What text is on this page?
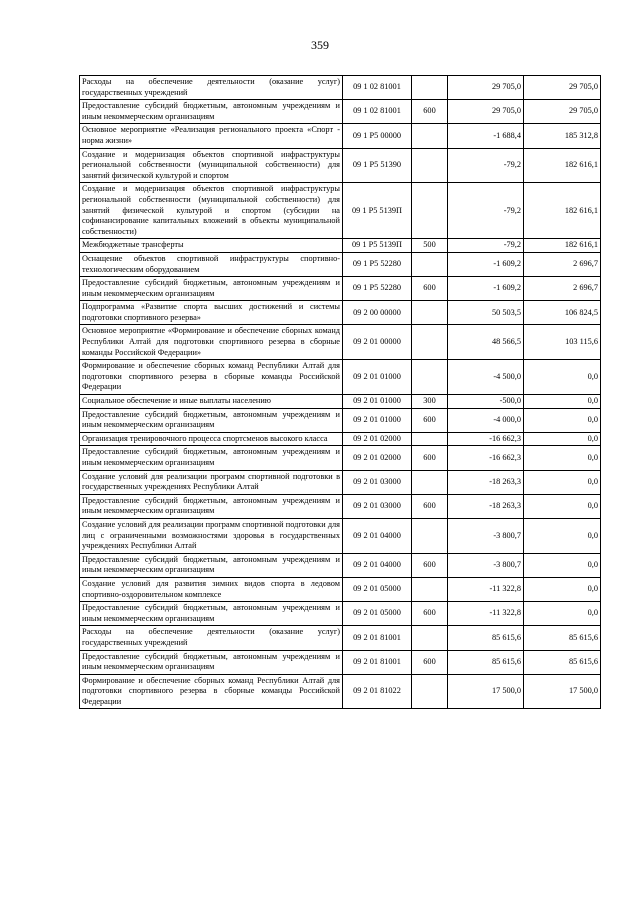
359
Расходы на обеспечение деятельности (оказание услуг) государственных учреждений	09 1 02 81001		29 705,0	29 705,0
Предоставление субсидий бюджетным, автономным учреждениям и иным некоммерческим организациям	09 1 02 81001	600	29 705,0	29 705,0
Основное мероприятие «Реализация регионального проекта «Спорт - норма жизни»	09 1 P5 00000		-1 688,4	185 312,8
Создание и модернизация объектов спортивной инфраструктуры региональной собственности (муниципальной собственности) для занятий физической культурой и спортом	09 1 P5 51390		-79,2	182 616,1
Создание и модернизация объектов спортивной инфраструктуры региональной собственности (муниципальной собственности) для занятий физической культурой и спортом (субсидии на софинансирование капитальных вложений в объекты муниципальной собственности)	09 1 P5 5139П		-79,2	182 616,1
Межбюджетные трансферты	09 1 P5 5139П	500	-79,2	182 616,1
Оснащение объектов спортивной инфраструктуры спортивно-технологическим оборудованием	09 1 P5 52280		-1 609,2	2 696,7
Предоставление субсидий бюджетным, автономным учреждениям и иным некоммерческим организациям	09 1 P5 52280	600	-1 609,2	2 696,7
Подпрограмма «Развитие спорта высших достижений и системы подготовки спортивного резерва»	09 2 00 00000		50 503,5	106 824,5
Основное мероприятие «Формирование и обеспечение сборных команд Республики Алтай для подготовки спортивного резерва в сборные команды Российской Федерации»	09 2 01 00000		48 566,5	103 115,6
Формирование и обеспечение сборных команд Республики Алтай для подготовки спортивного резерва в сборные команды Российской Федерации	09 2 01 01000		-4 500,0	0,0
Социальное обеспечение и иные выплаты населению	09 2 01 01000	300	-500,0	0,0
Предоставление субсидий бюджетным, автономным учреждениям и иным некоммерческим организациям	09 2 01 01000	600	-4 000,0	0,0
Организация тренировочного процесса спортсменов высокого класса	09 2 01 02000		-16 662,3	0,0
Предоставление субсидий бюджетным, автономным учреждениям и иным некоммерческим организациям	09 2 01 02000	600	-16 662,3	0,0
Создание условий для реализации программ спортивной подготовки в государственных учреждениях Республики Алтай	09 2 01 03000		-18 263,3	0,0
Предоставление субсидий бюджетным, автономным учреждениям и иным некоммерческим организациям	09 2 01 03000	600	-18 263,3	0,0
Создание условий для реализации программ спортивной подготовки для лиц с ограниченными возможностями здоровья в государственных учреждениях Республики Алтай	09 2 01 04000		-3 800,7	0,0
Предоставление субсидий бюджетным, автономным учреждениям и иным некоммерческим организациям	09 2 01 04000	600	-3 800,7	0,0
Создание условий для развития зимних видов спорта в ледовом спортивно-оздоровительном комплексе	09 2 01 05000		-11 322,8	0,0
Предоставление субсидий бюджетным, автономным учреждениям и иным некоммерческим организациям	09 2 01 05000	600	-11 322,8	0,0
Расходы на обеспечение деятельности (оказание услуг) государственных учреждений	09 2 01 81001		85 615,6	85 615,6
Предоставление субсидий бюджетным, автономным учреждениям и иным некоммерческим организациям	09 2 01 81001	600	85 615,6	85 615,6
Формирование и обеспечение сборных команд Республики Алтай для подготовки спортивного резерва в сборные команды Российской Федерации	09 2 01 81022		17 500,0	17 500,0
